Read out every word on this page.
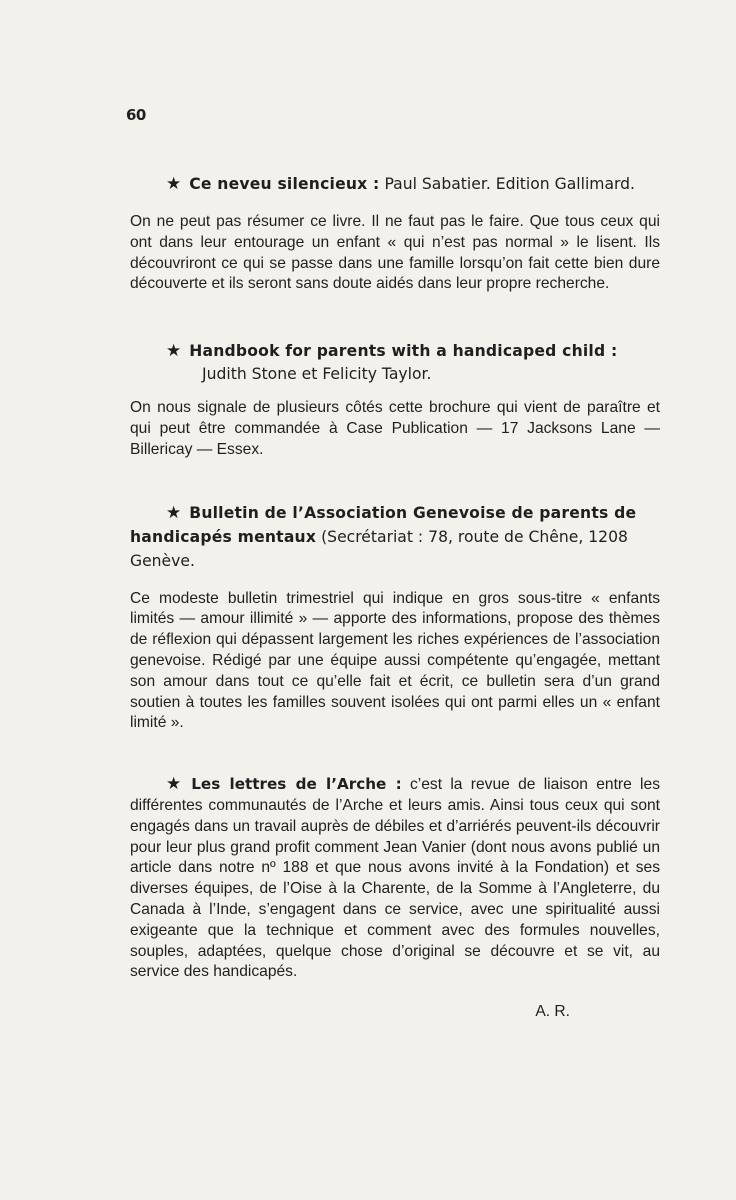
60

★ Ce neveu silencieux : Paul Sabatier. Edition Gallimard.

On ne peut pas résumer ce livre. Il ne faut pas le faire. Que tous ceux qui ont dans leur entourage un enfant « qui n’est pas normal » le lisent. Ils découvriront ce qui se passe dans une famille lorsqu’on fait cette bien dure découverte et ils seront sans doute aidés dans leur propre recherche.

★ Handbook for parents with a handicaped child :
Judith Stone et Felicity Taylor.

On nous signale de plusieurs côtés cette brochure qui vient de paraître et qui peut être commandée à Case Publication — 17 Jacksons Lane — Billericay — Essex.

★ Bulletin de l’Association Genevoise de parents de handicapés mentaux (Secrétariat : 78, route de Chêne, 1208 Genève.

Ce modeste bulletin trimestriel qui indique en gros sous-titre « enfants limités — amour illimité » — apporte des informations, propose des thèmes de réflexion qui dépassent largement les riches expériences de l’association genevoise. Rédigé par une équipe aussi compétente qu’engagée, mettant son amour dans tout ce qu’elle fait et écrit, ce bulletin sera d’un grand soutien à toutes les familles souvent isolées qui ont parmi elles un « enfant limité ».

★ Les lettres de l’Arche : c’est la revue de liaison entre les différentes communautés de l’Arche et leurs amis. Ainsi tous ceux qui sont engagés dans un travail auprès de débiles et d’arriérés peuvent-ils découvrir pour leur plus grand profit comment Jean Vanier (dont nous avons publié un article dans notre nº 188 et que nous avons invité à la Fondation) et ses diverses équipes, de l’Oise à la Charente, de la Somme à l’Angleterre, du Canada à l’Inde, s’engagent dans ce service, avec une spiritualité aussi exigeante que la technique et comment avec des formules nouvelles, souples, adaptées, quelque chose d’original se découvre et se vit, au service des handicapés.

A. R.
